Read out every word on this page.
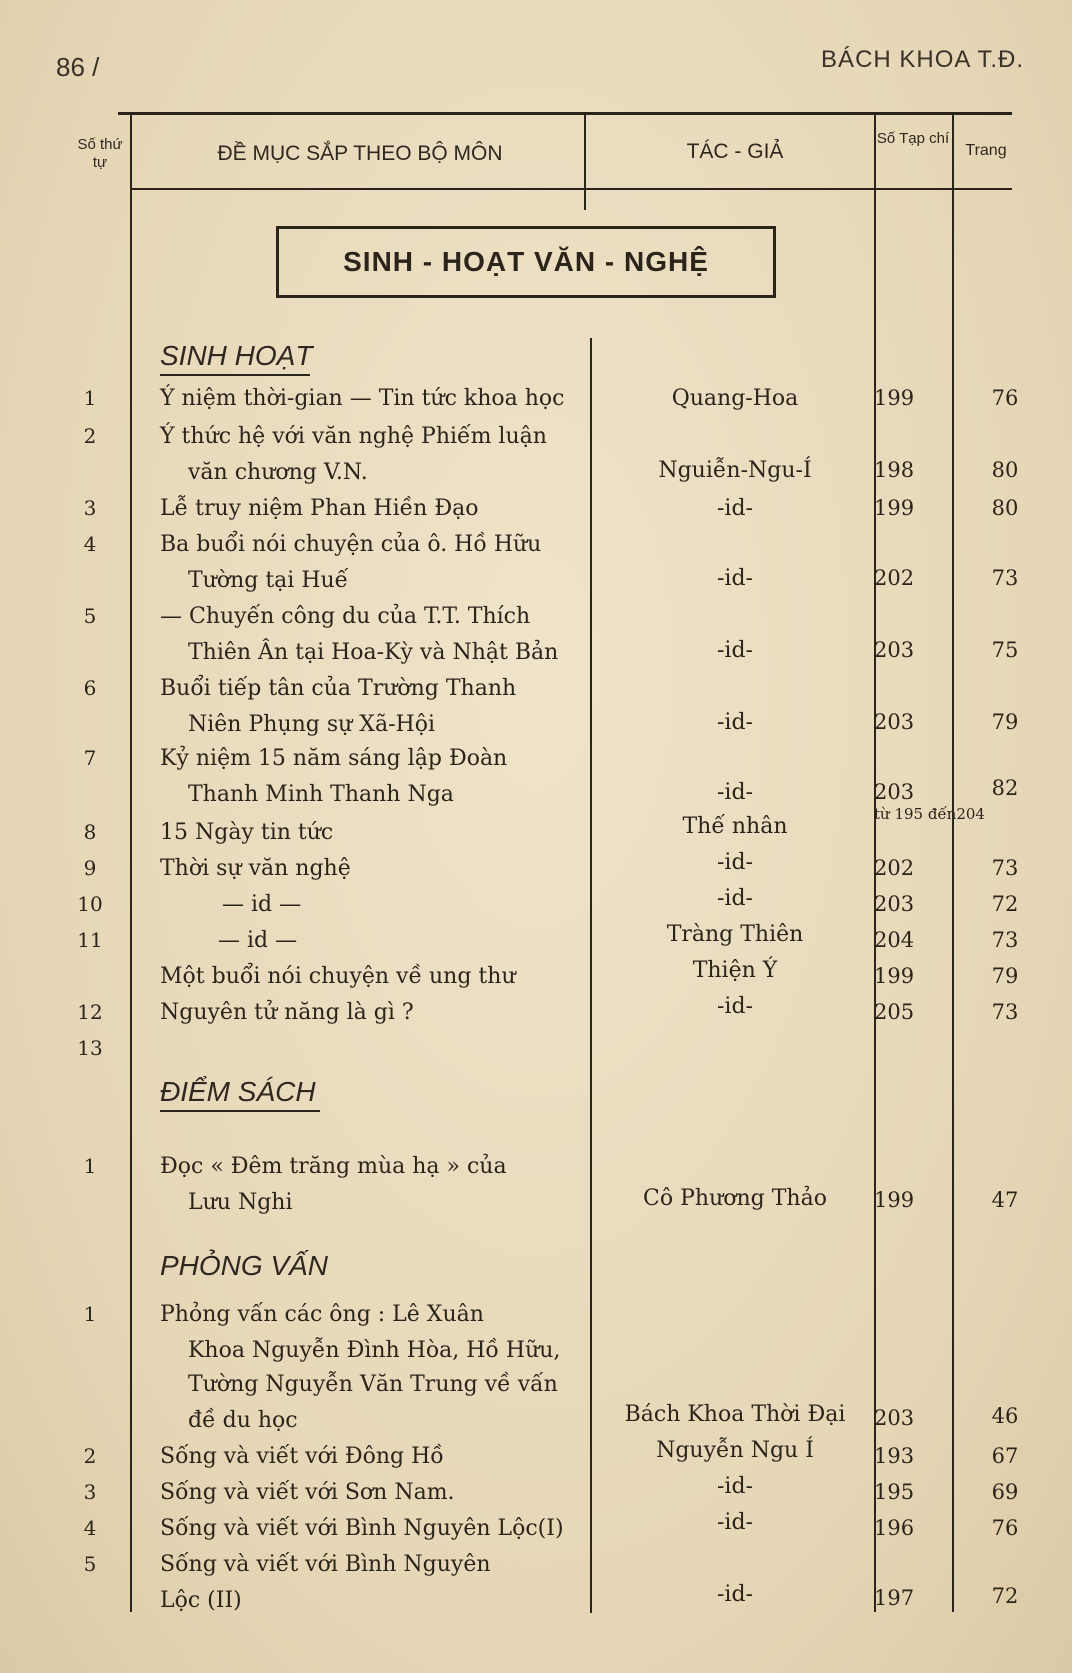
86 /	BÁCH KHOA T.Đ.
Số thứ tự	ĐỀ MỤC SẮP THEO BỘ MÔN	TÁC - GIẢ
Số Tạp chí
Trang
SINH - HOẠT VĂN - NGHỆ
SINH HOẠT
1	Ý niệm thời-gian — Tin tức khoa học	Quang-Hoa	199	76
2	Ý thức hệ với văn nghệ Phiếm luận
văn chương V.N.	Nguiễn-Ngu-Í	198	80
3	Lễ truy niệm Phan Hiền Đạo	-id-	199	80
4	Ba buổi nói chuyện của ô. Hồ Hữu
Tường tại Huế	-id-	202	73
5	— Chuyến công du của T.T. Thích
Thiên Ân tại Hoa-Kỳ và Nhật Bản	-id-	203	75
6	Buổi tiếp tân của Trường Thanh
Niên Phụng sự Xã-Hội	-id-	203	79
7	Kỷ niệm 15 năm sáng lập Đoàn
Thanh Minh Thanh Nga	-id-	203	82
8	15 Ngày tin tức	Thế nhân	từ 195 đến204
9	Thời sự văn nghệ	-id-	202	73
10	— id —	-id-	203	72
11	— id —	Tràng Thiên	204	73
Một buổi nói chuyện về ung thư	Thiện Ý	199	79
12	Nguyên tử năng là gì ?	-id-	205	73
13
ĐIỂM SÁCH
1	Đọc « Đêm trăng mùa hạ » của
Lưu Nghi	Cô Phương Thảo	199	47
PHỎNG VẤN
1	Phỏng vấn các ông : Lê Xuân
Khoa Nguyễn Đình Hòa, Hồ Hữu,
Tường Nguyễn Văn Trung về vấn
đề du học	Bách Khoa Thời Đại	203	46
2	Sống và viết với Đông Hồ	Nguyễn Ngu Í	193	67
3	Sống và viết với Sơn Nam.	-id-	195	69
4	Sống và viết với Bình Nguyên Lộc(I)	-id-	196	76
5	Sống và viết với Bình Nguyên
Lộc (II)	-id-	197	72
